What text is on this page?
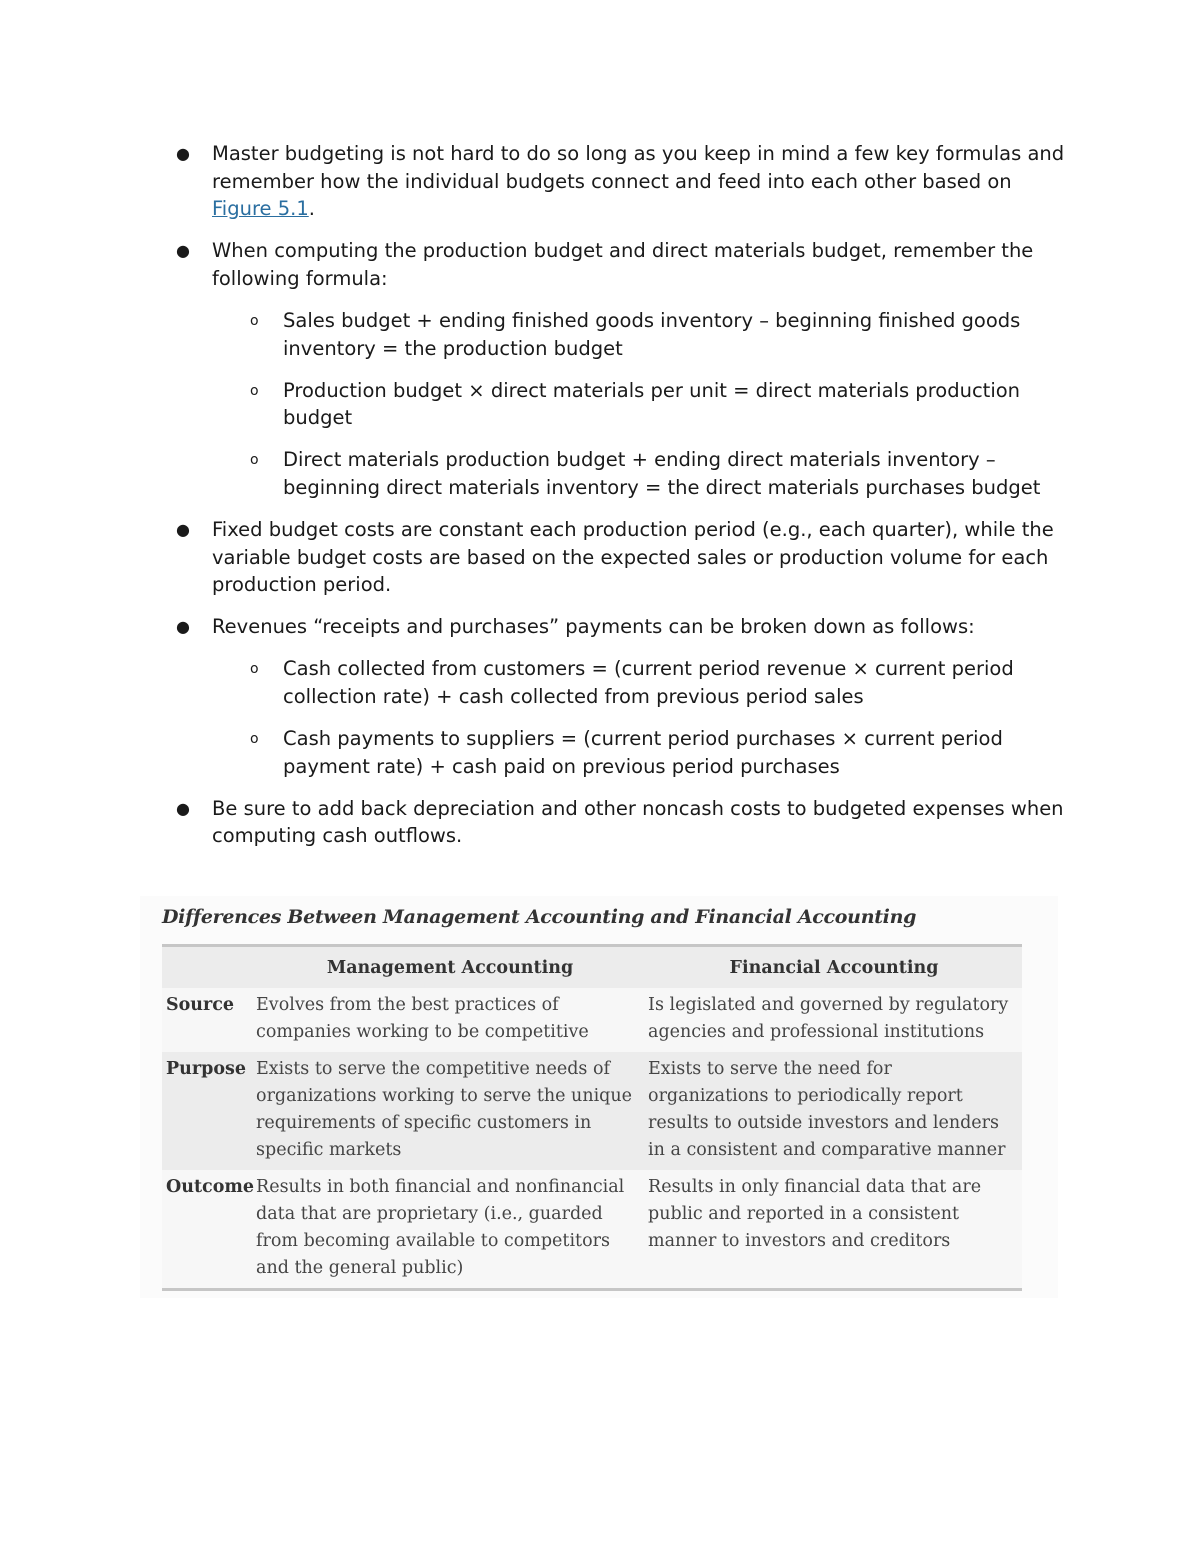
● Master budgeting is not hard to do so long as you keep in mind a few key formulas and remember how the individual budgets connect and feed into each other based on Figure 5.1.
● When computing the production budget and direct materials budget, remember the following formula:
o Sales budget + ending finished goods inventory – beginning finished goods inventory = the production budget
o Production budget × direct materials per unit = direct materials production budget
o Direct materials production budget + ending direct materials inventory – beginning direct materials inventory = the direct materials purchases budget
● Fixed budget costs are constant each production period (e.g., each quarter), while the variable budget costs are based on the expected sales or production volume for each production period.
● Revenues “receipts and purchases” payments can be broken down as follows:
o Cash collected from customers = (current period revenue × current period collection rate) + cash collected from previous period sales
o Cash payments to suppliers = (current period purchases × current period payment rate) + cash paid on previous period purchases
● Be sure to add back depreciation and other noncash costs to budgeted expenses when computing cash outflows.
Differences Between Management Accounting and Financial Accounting
	Management Accounting	Financial Accounting
Source	Evolves from the best practices of companies working to be competitive	Is legislated and governed by regulatory agencies and professional institutions
Purpose	Exists to serve the competitive needs of organizations working to serve the unique requirements of specific customers in specific markets	Exists to serve the need for organizations to periodically report results to outside investors and lenders in a consistent and comparative manner
Outcome	Results in both financial and nonfinancial data that are proprietary (i.e., guarded from becoming available to competitors and the general public)	Results in only financial data that are public and reported in a consistent manner to investors and creditors
